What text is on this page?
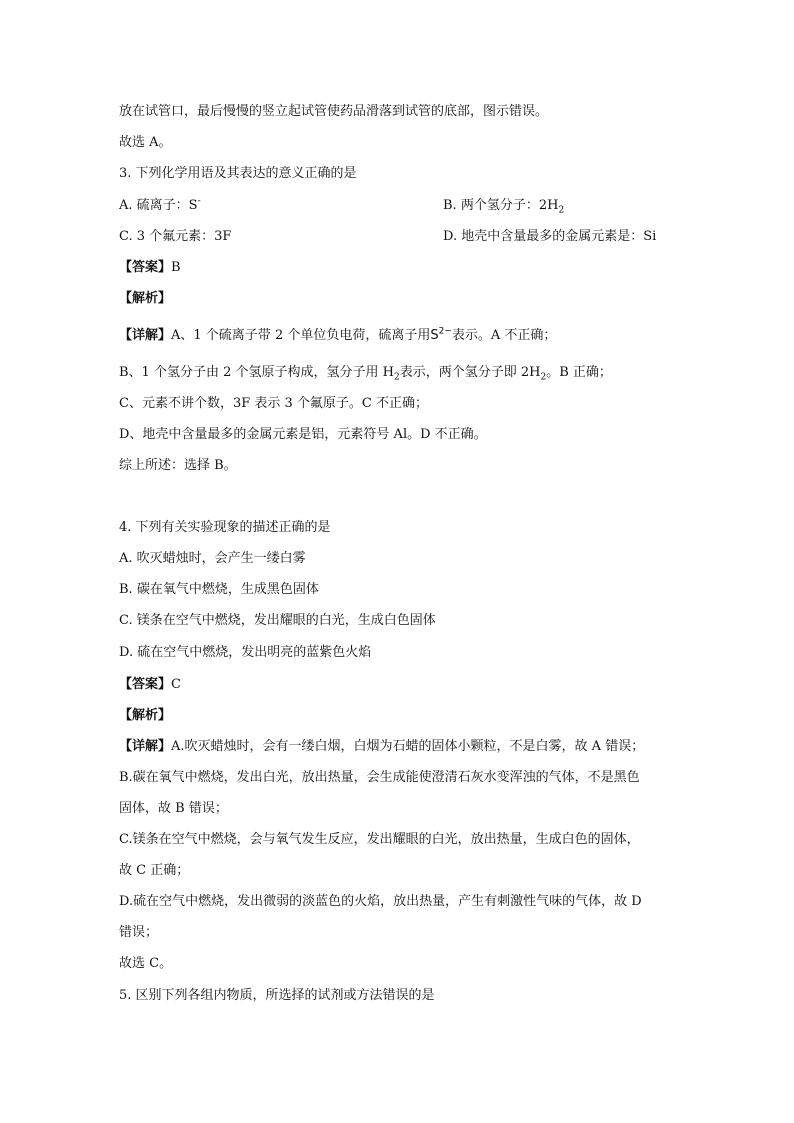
放在试管口，最后慢慢的竖立起试管使药品滑落到试管的底部，图示错误。
故选 A。
3. 下列化学用语及其表达的意义正确的是
A. 硫离子：S-	B. 两个氢分子：$2H_2$
C. 3 个氟元素：3F	D. 地壳中含量最多的金属元素是：Si
【答案】B
【解析】
【详解】A、1 个硫离子带 2 个单位负电荷，硫离子用$S^{2-}$表示。A 不正确；
B、1 个氢分子由 2 个氢原子构成，氢分子用 $H_2$表示，两个氢分子即 $2H_2$。B 正确；
C、元素不讲个数，3F 表示 3 个氟原子。C 不正确；
D、地壳中含量最多的金属元素是铝，元素符号 Al。D 不正确。
综上所述：选择 B。
4. 下列有关实验现象的描述正确的是
A. 吹灭蜡烛时，会产生一缕白雾
B. 碳在氧气中燃烧，生成黑色固体
C. 镁条在空气中燃烧，发出耀眼的白光，生成白色固体
D. 硫在空气中燃烧，发出明亮的蓝紫色火焰
【答案】C
【解析】
【详解】A.吹灭蜡烛时，会有一缕白烟，白烟为石蜡的固体小颗粒，不是白雾，故 A 错误；
B.碳在氧气中燃烧，发出白光，放出热量，会生成能使澄清石灰水变浑浊的气体，不是黑色
固体，故 B 错误；
C.镁条在空气中燃烧，会与氧气发生反应，发出耀眼的白光，放出热量，生成白色的固体，
故 C 正确；
D.硫在空气中燃烧，发出微弱的淡蓝色的火焰，放出热量，产生有刺激性气味的气体，故 D
错误；
故选 C。
5. 区别下列各组内物质，所选择的试剂或方法错误的是
